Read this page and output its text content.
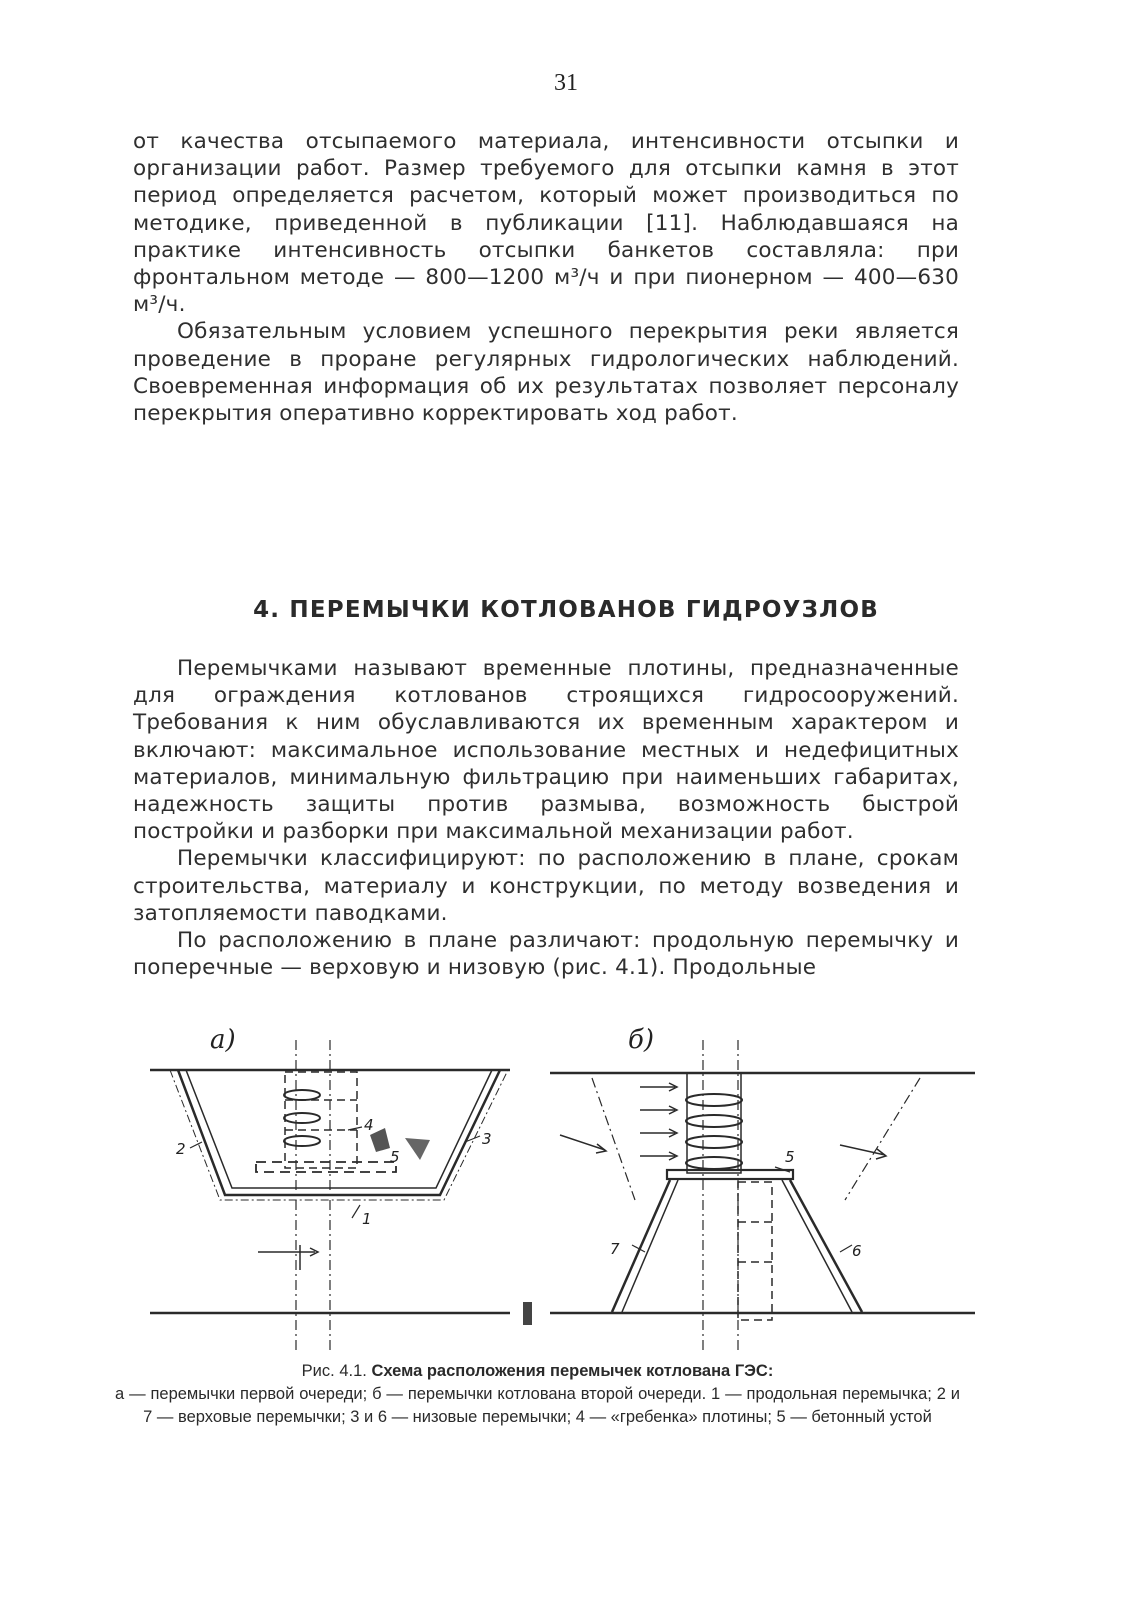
31

от качества отсыпаемого материала, интенсивности отсыпки и организации работ. Размер требуемого для отсыпки камня в этот период определяется расчетом, который может производиться по методике, приведенной в публикации [11]. Наблюдавшаяся на практике интенсивность отсыпки банкетов составляла: при фронтальном методе — 800—1200 м³/ч и при пионерном — 400—630 м³/ч.

Обязательным условием успешного перекрытия реки является проведение в проране регулярных гидрологических наблюдений. Своевременная информация об их результатах позволяет персоналу перекрытия оперативно корректировать ход работ.

4. ПЕРЕМЫЧКИ КОТЛОВАНОВ ГИДРОУЗЛОВ

Перемычками называют временные плотины, предназначенные для ограждения котлованов строящихся гидросооружений. Требования к ним обуславливаются их временным характером и включают: максимальное использование местных и недефицитных материалов, минимальную фильтрацию при наименьших габаритах, надежность защиты против размыва, возможность быстрой постройки и разборки при максимальной механизации работ.

Перемычки классифицируют: по расположению в плане, срокам строительства, материалу и конструкции, по методу возведения и затопляемости паводками.

По расположению в плане различают: продольную перемычку и поперечные — верховую и низовую (рис. 4.1). Продольные

а)	б)
2
3
4
5
1
5
7	6
Рис. 4.1. Схема расположения перемычек котлована ГЭС:
а — перемычки первой очереди; б — перемычки котлована второй очереди. 1 — продольная перемычка; 2 и 7 — верховые перемычки; 3 и 6 — низовые перемычки; 4 — «гребенка» плотины; 5 — бетонный устой
